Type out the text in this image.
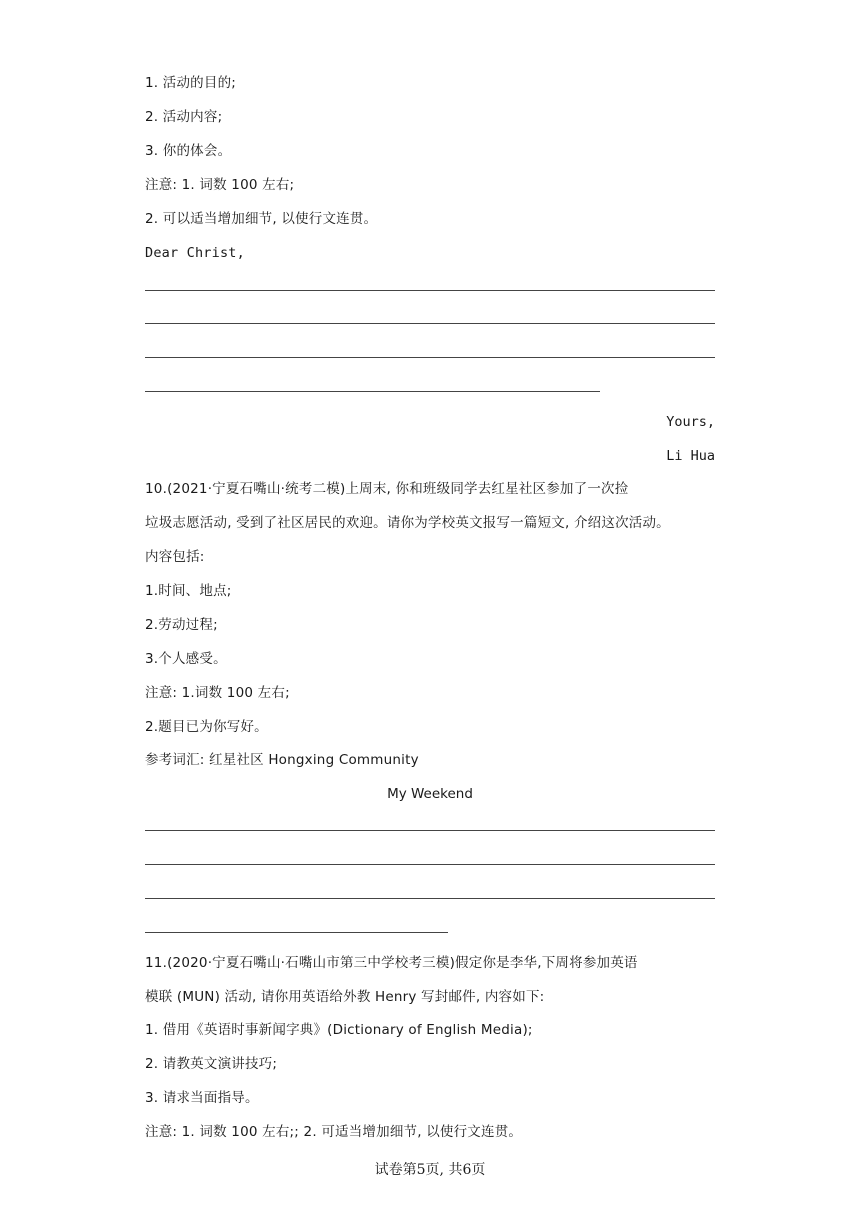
1. 活动的目的;
2. 活动内容;
3. 你的体会。
注意: 1. 词数 100 左右;
2. 可以适当增加细节, 以使行文连贯。
Dear Christ,
Yours,
Li Hua
10.(2021·宁夏石嘴山·统考二模)上周末, 你和班级同学去红星社区参加了一次捡
垃圾志愿活动, 受到了社区居民的欢迎。请你为学校英文报写一篇短文, 介绍这次活动。
内容包括:
1.时间、地点;
2.劳动过程;
3.个人感受。
注意: 1.词数 100 左右;
2.题目已为你写好。
参考词汇: 红星社区 Hongxing Community
My Weekend
11.(2020·宁夏石嘴山·石嘴山市第三中学校考三模)假定你是李华,下周将参加英语
模联 (MUN) 活动, 请你用英语给外教 Henry 写封邮件, 内容如下:
1. 借用《英语时事新闻字典》(Dictionary of English Media);
2. 请教英文演讲技巧;
3. 请求当面指导。
注意: 1. 词数 100 左右;; 2. 可适当增加细节, 以使行文连贯。
试卷第5页, 共6页
